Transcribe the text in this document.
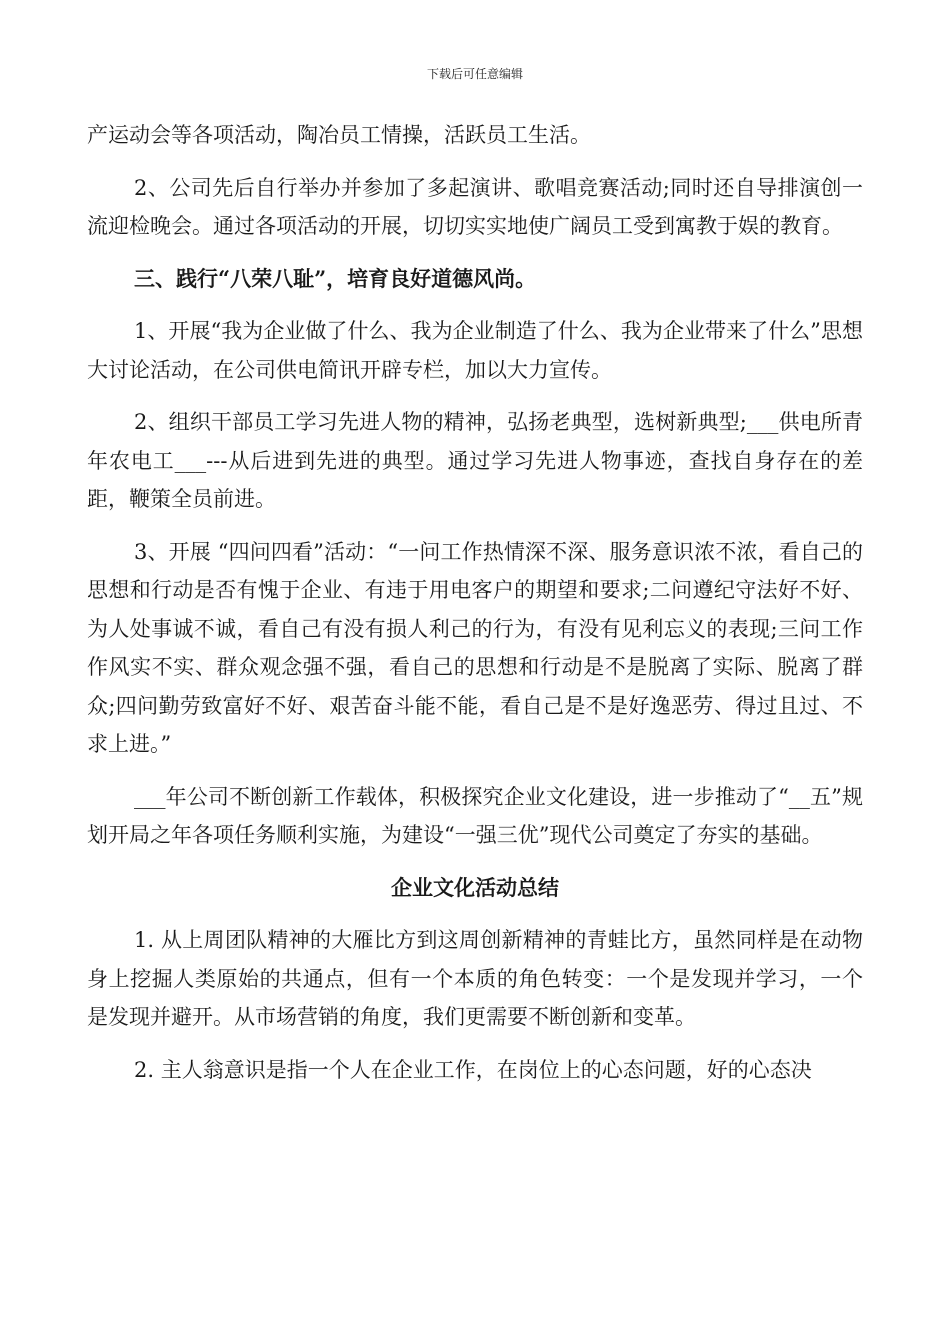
下载后可任意编辑

产运动会等各项活动，陶冶员工情操，活跃员工生活。

2、公司先后自行举办并参加了多起演讲、歌唱竞赛活动;同时还自导排演创一流迎检晚会。通过各项活动的开展，切切实实地使广阔员工受到寓教于娱的教育。

三、践行“八荣八耻”，培育良好道德风尚。

1、开展“我为企业做了什么、我为企业制造了什么、我为企业带来了什么”思想大讨论活动，在公司供电简讯开辟专栏，加以大力宣传。

2、组织干部员工学习先进人物的精神，弘扬老典型，选树新典型;___供电所青年农电工___---从后进到先进的典型。通过学习先进人物事迹，查找自身存在的差距，鞭策全员前进。

3、开展 “四问四看”活动：“一问工作热情深不深、服务意识浓不浓，看自己的思想和行动是否有愧于企业、有违于用电客户的期望和要求;二问遵纪守法好不好、为人处事诚不诚，看自己有没有损人利己的行为，有没有见利忘义的表现;三问工作作风实不实、群众观念强不强，看自己的思想和行动是不是脱离了实际、脱离了群众;四问勤劳致富好不好、艰苦奋斗能不能，看自己是不是好逸恶劳、得过且过、不求上进。”

___年公司不断创新工作载体，积极探究企业文化建设，进一步推动了“__五”规划开局之年各项任务顺利实施，为建设“一强三优”现代公司奠定了夯实的基础。

企业文化活动总结

1. 从上周团队精神的大雁比方到这周创新精神的青蛙比方，虽然同样是在动物身上挖掘人类原始的共通点，但有一个本质的角色转变：一个是发现并学习，一个是发现并避开。从市场营销的角度，我们更需要不断创新和变革。

2. 主人翁意识是指一个人在企业工作，在岗位上的心态问题，好的心态决
